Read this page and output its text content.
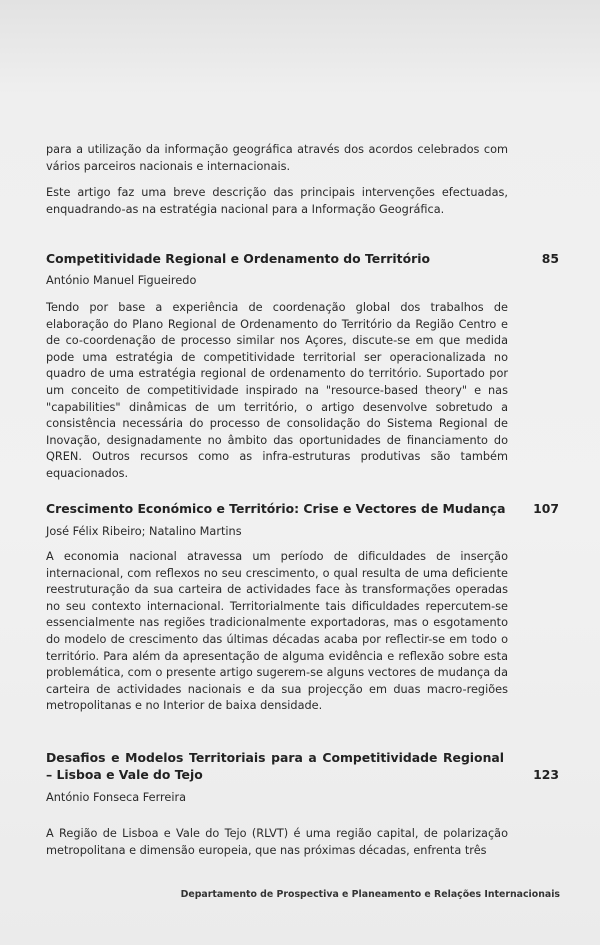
para a utilização da informação geográfica através dos acordos celebrados com vários parceiros nacionais e internacionais.
Este artigo faz uma breve descrição das principais intervenções efectuadas, enquadrando-as na estratégia nacional para a Informação Geográfica.
Competitividade Regional e Ordenamento do Território	85
António Manuel Figueiredo
Tendo por base a experiência de coordenação global dos trabalhos de elaboração do Plano Regional de Ordenamento do Território da Região Centro e de co-coordenação de processo similar nos Açores, discute-se em que medida pode uma estratégia de competitividade territorial ser operacionalizada no quadro de uma estratégia regional de ordenamento do território. Suportado por um conceito de competitividade inspirado na "resource-based theory" e nas "capabilities" dinâmicas de um território, o artigo desenvolve sobretudo a consistência necessária do processo de consolidação do Sistema Regional de Inovação, designadamente no âmbito das oportunidades de financiamento do QREN. Outros recursos como as infra-estruturas produtivas são também equacionados.
Crescimento Económico e Território: Crise e Vectores de Mudança	107
José Félix Ribeiro; Natalino Martins
A economia nacional atravessa um período de dificuldades de inserção internacional, com reflexos no seu crescimento, o qual resulta de uma deficiente reestruturação da sua carteira de actividades face às transformações operadas no seu contexto internacional. Territorialmente tais dificuldades repercutem-se essencialmente nas regiões tradicionalmente exportadoras, mas o esgotamento do modelo de crescimento das últimas décadas acaba por reflectir-se em todo o território. Para além da apresentação de alguma evidência e reflexão sobre esta problemática, com o presente artigo sugerem-se alguns vectores de mudança da carteira de actividades nacionais e da sua projecção em duas macro-regiões metropolitanas e no Interior de baixa densidade.
Desafios e Modelos Territoriais para a Competitividade Regional – Lisboa e Vale do Tejo	123
António Fonseca Ferreira
A Região de Lisboa e Vale do Tejo (RLVT) é uma região capital, de polarização metropolitana e dimensão europeia, que nas próximas décadas, enfrenta três
Departamento de Prospectiva e Planeamento e Relações Internacionais
